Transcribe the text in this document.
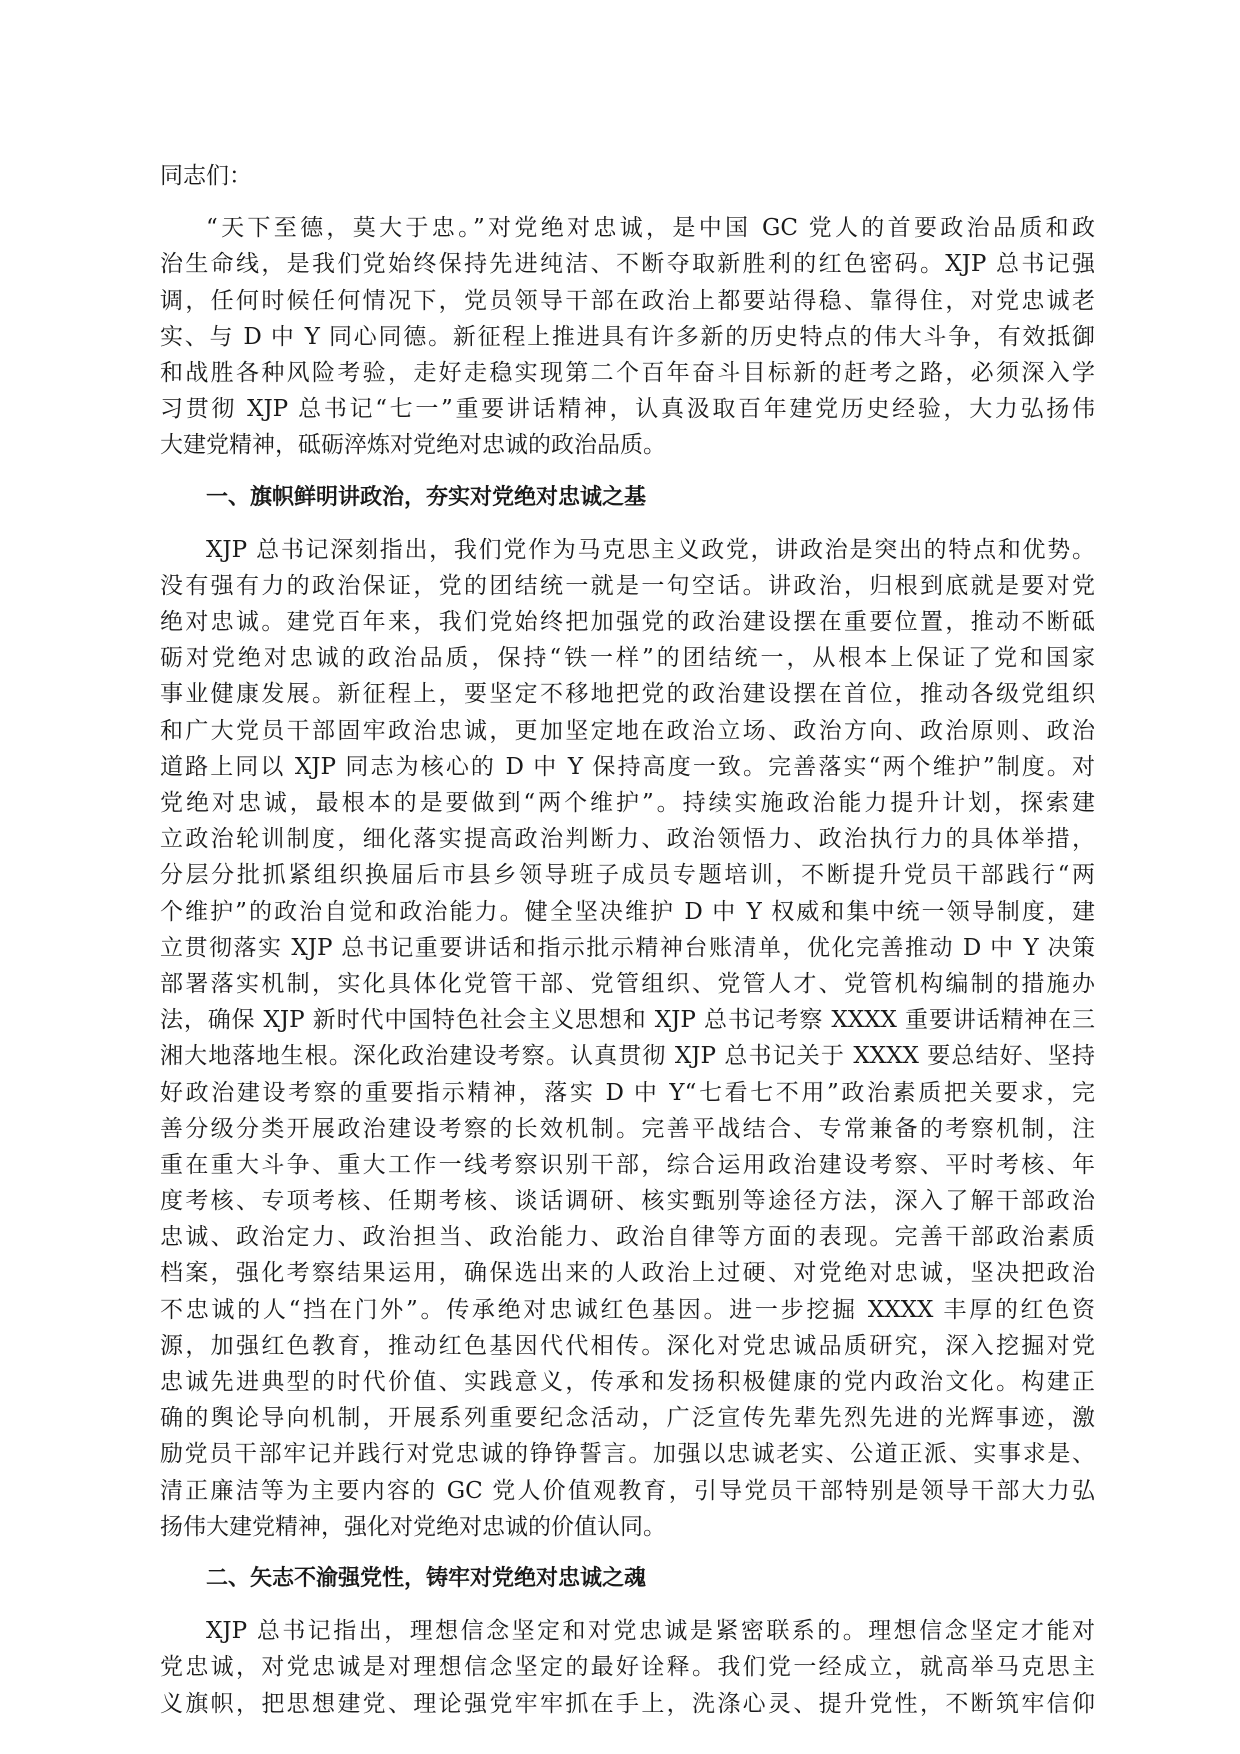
同志们：
“天下至德，莫大于忠。”对党绝对忠诚，是中国 GC 党人的首要政治品质和政
治生命线，是我们党始终保持先进纯洁、不断夺取新胜利的红色密码。XJP 总书记强
调，任何时候任何情况下，党员领导干部在政治上都要站得稳、靠得住，对党忠诚老
实、与 D 中 Y 同心同德。新征程上推进具有许多新的历史特点的伟大斗争，有效抵御
和战胜各种风险考验，走好走稳实现第二个百年奋斗目标新的赶考之路，必须深入学
习贯彻 XJP 总书记“七一”重要讲话精神，认真汲取百年建党历史经验，大力弘扬伟
大建党精神，砥砺淬炼对党绝对忠诚的政治品质。
一、旗帜鲜明讲政治，夯实对党绝对忠诚之基
XJP 总书记深刻指出，我们党作为马克思主义政党，讲政治是突出的特点和优势。
没有强有力的政治保证，党的团结统一就是一句空话。讲政治，归根到底就是要对党
绝对忠诚。建党百年来，我们党始终把加强党的政治建设摆在重要位置，推动不断砥
砺对党绝对忠诚的政治品质，保持“铁一样”的团结统一，从根本上保证了党和国家
事业健康发展。新征程上，要坚定不移地把党的政治建设摆在首位，推动各级党组织
和广大党员干部固牢政治忠诚，更加坚定地在政治立场、政治方向、政治原则、政治
道路上同以 XJP 同志为核心的 D 中 Y 保持高度一致。完善落实“两个维护”制度。对
党绝对忠诚，最根本的是要做到“两个维护”。持续实施政治能力提升计划，探索建
立政治轮训制度，细化落实提高政治判断力、政治领悟力、政治执行力的具体举措，
分层分批抓紧组织换届后市县乡领导班子成员专题培训，不断提升党员干部践行“两
个维护”的政治自觉和政治能力。健全坚决维护 D 中 Y 权威和集中统一领导制度，建
立贯彻落实 XJP 总书记重要讲话和指示批示精神台账清单，优化完善推动 D 中 Y 决策
部署落实机制，实化具体化党管干部、党管组织、党管人才、党管机构编制的措施办
法，确保 XJP 新时代中国特色社会主义思想和 XJP 总书记考察 XXXX 重要讲话精神在三
湘大地落地生根。深化政治建设考察。认真贯彻 XJP 总书记关于 XXXX 要总结好、坚持
好政治建设考察的重要指示精神，落实 D 中 Y“七看七不用”政治素质把关要求，完
善分级分类开展政治建设考察的长效机制。完善平战结合、专常兼备的考察机制，注
重在重大斗争、重大工作一线考察识别干部，综合运用政治建设考察、平时考核、年
度考核、专项考核、任期考核、谈话调研、核实甄别等途径方法，深入了解干部政治
忠诚、政治定力、政治担当、政治能力、政治自律等方面的表现。完善干部政治素质
档案，强化考察结果运用，确保选出来的人政治上过硬、对党绝对忠诚，坚决把政治
不忠诚的人“挡在门外”。传承绝对忠诚红色基因。进一步挖掘 XXXX 丰厚的红色资
源，加强红色教育，推动红色基因代代相传。深化对党忠诚品质研究，深入挖掘对党
忠诚先进典型的时代价值、实践意义，传承和发扬积极健康的党内政治文化。构建正
确的舆论导向机制，开展系列重要纪念活动，广泛宣传先辈先烈先进的光辉事迹，激
励党员干部牢记并践行对党忠诚的铮铮誓言。加强以忠诚老实、公道正派、实事求是、
清正廉洁等为主要内容的 GC 党人价值观教育，引导党员干部特别是领导干部大力弘
扬伟大建党精神，强化对党绝对忠诚的价值认同。
二、矢志不渝强党性，铸牢对党绝对忠诚之魂
XJP 总书记指出，理想信念坚定和对党忠诚是紧密联系的。理想信念坚定才能对
党忠诚，对党忠诚是对理想信念坚定的最好诠释。我们党一经成立，就高举马克思主
义旗帜，把思想建党、理论强党牢牢抓在手上，洗涤心灵、提升党性，不断筑牢信仰
